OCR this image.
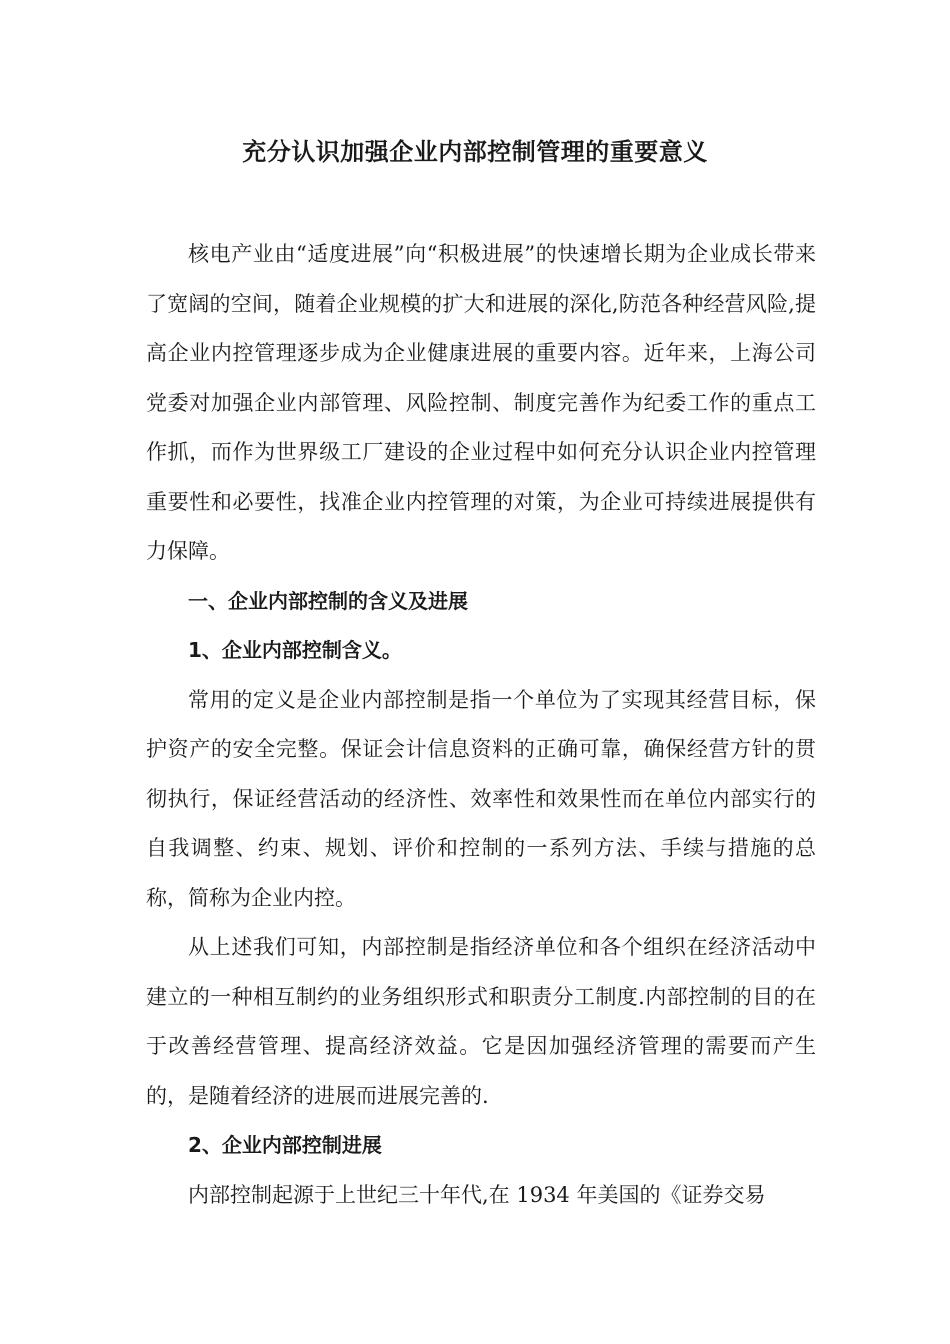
充分认识加强企业内部控制管理的重要意义

核电产业由“适度进展”向“积极进展”的快速增长期为企业成长带来了宽阔的空间，随着企业规模的扩大和进展的深化,防范各种经营风险,提高企业内控管理逐步成为企业健康进展的重要内容。近年来，上海公司党委对加强企业内部管理、风险控制、制度完善作为纪委工作的重点工作抓，而作为世界级工厂建设的企业过程中如何充分认识企业内控管理重要性和必要性，找准企业内控管理的对策，为企业可持续进展提供有力保障。

一、企业内部控制的含义及进展

1、企业内部控制含义。

常用的定义是企业内部控制是指一个单位为了实现其经营目标，保护资产的安全完整。保证会计信息资料的正确可靠，确保经营方针的贯彻执行，保证经营活动的经济性、效率性和效果性而在单位内部实行的自我调整、约束、规划、评价和控制的一系列方法、手续与措施的总称，简称为企业内控。

从上述我们可知，内部控制是指经济单位和各个组织在经济活动中建立的一种相互制约的业务组织形式和职责分工制度.内部控制的目的在于改善经营管理、提高经济效益。它是因加强经济管理的需要而产生的，是随着经济的进展而进展完善的.

2、企业内部控制进展

内部控制起源于上世纪三十年代,在 1934 年美国的《证券交易
